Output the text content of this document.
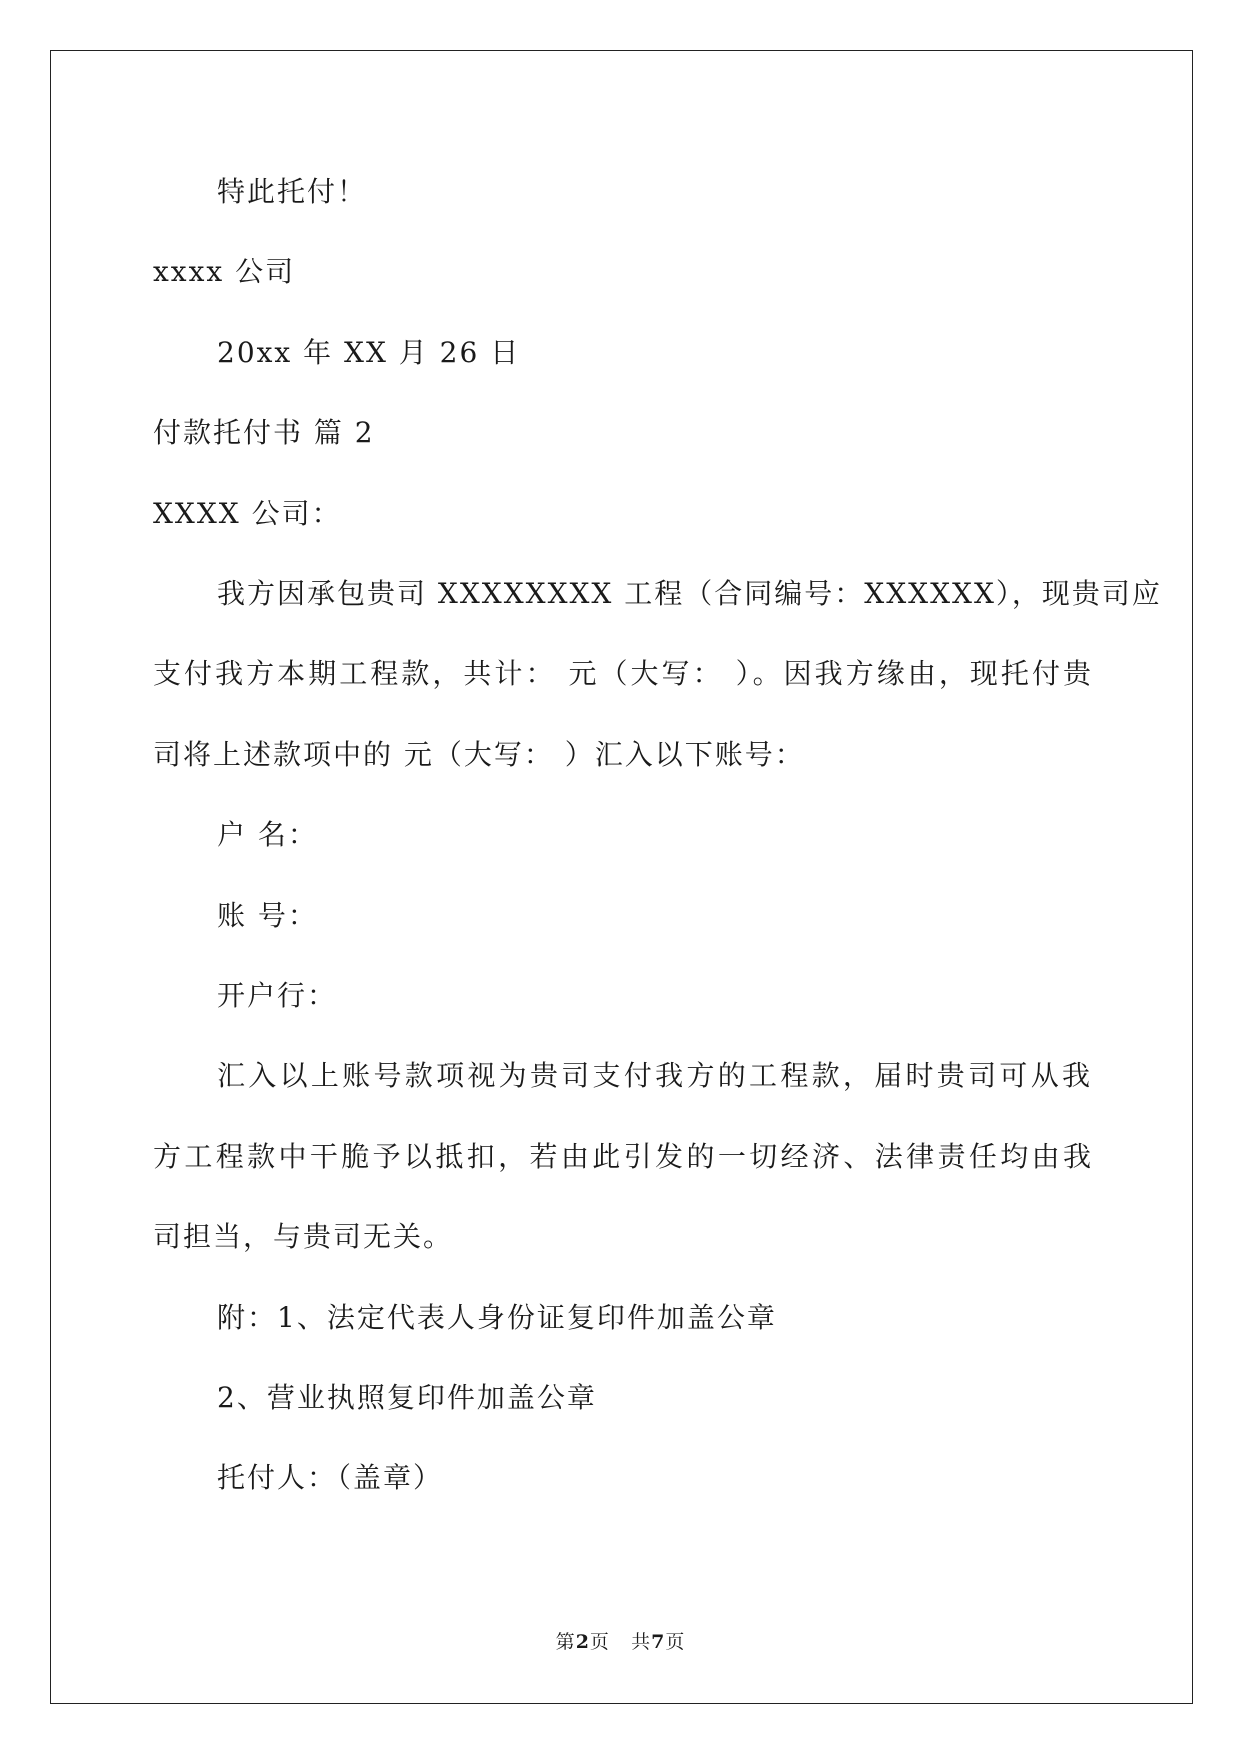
特此托付！
xxxx 公司
20xx 年 XX 月 26 日
付款托付书 篇 2
XXXX 公司：
我方因承包贵司 XXXXXXXX 工程（合同编号：XXXXXX），现贵司应
支付我方本期工程款，共计： 元（大写： ）。因我方缘由，现托付贵
司将上述款项中的 元（大写： ）汇入以下账号：
户 名：
账 号：
开户行：
汇入以上账号款项视为贵司支付我方的工程款，届时贵司可从我
方工程款中干脆予以抵扣，若由此引发的一切经济、法律责任均由我
司担当，与贵司无关。
附：1、法定代表人身份证复印件加盖公章
2、营业执照复印件加盖公章
托付人：（盖章）
第2页 共7页
